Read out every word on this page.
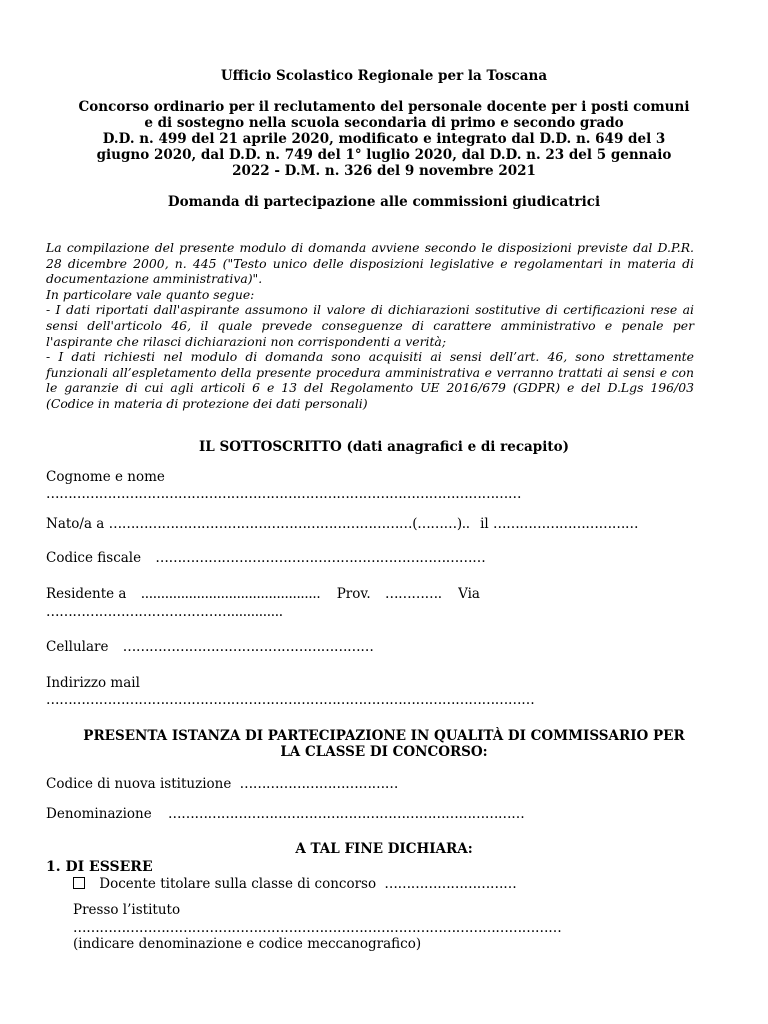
Ufficio Scolastico Regionale per la Toscana
Concorso ordinario per il reclutamento del personale docente per i posti comuni
e di sostegno nella scuola secondaria di primo e secondo grado
D.D. n. 499 del 21 aprile 2020, modificato e integrato dal D.D. n. 649 del 3
giugno 2020, dal D.D. n. 749 del 1° luglio 2020, dal D.D. n. 23 del 5 gennaio
2022 - D.M. n. 326 del 9 novembre 2021
Domanda di partecipazione alle commissioni giudicatrici

La compilazione del presente modulo di domanda avviene secondo le disposizioni previste dal D.P.R. 28 dicembre 2000, n. 445 ("Testo unico delle disposizioni legislative e regolamentari in materia di documentazione amministrativa)".

In particolare vale quanto segue:

- I dati riportati dall'aspirante assumono il valore di dichiarazioni sostitutive di certificazioni rese ai sensi dell'articolo 46, il quale prevede conseguenze di carattere amministrativo e penale per l'aspirante che rilasci dichiarazioni non corrispondenti a verità;

- I dati richiesti nel modulo di domanda sono acquisiti ai sensi dell’art. 46, sono strettamente funzionali all’espletamento della presente procedura amministrativa e verranno trattati ai sensi e con le garanzie di cui agli articoli 6 e 13 del Regolamento UE 2016/679 (GDPR) e del D.Lgs 196/03 (Codice in materia di protezione dei dati personali)

IL SOTTOSCRITTO (dati anagrafici e di recapito)
Cognome e nome
………………………………………………………………………………………………
Nato/a a ……………………………………………………………(………).. il ……………………………
Codice fiscale …………………………………………………………………
Residente a ............................................. Prov. …………. Via
…………………………………….............
Cellulare …………………………………………………
Indirizzo mail
…………………………………………………………………………………………………
PRESENTA ISTANZA DI PARTECIPAZIONE IN QUALITÀ DI COMMISSARIO PER
LA CLASSE DI CONCORSO:
Codice di nuova istituzione ………………………………
Denominazione ………………………………………………………………………
A TAL FINE DICHIARA:
1. DI ESSERE
Docente titolare sulla classe di concorso …………………………
Presso l’istituto
…………………………………………………………………………………………………
(indicare denominazione e codice meccanografico)
